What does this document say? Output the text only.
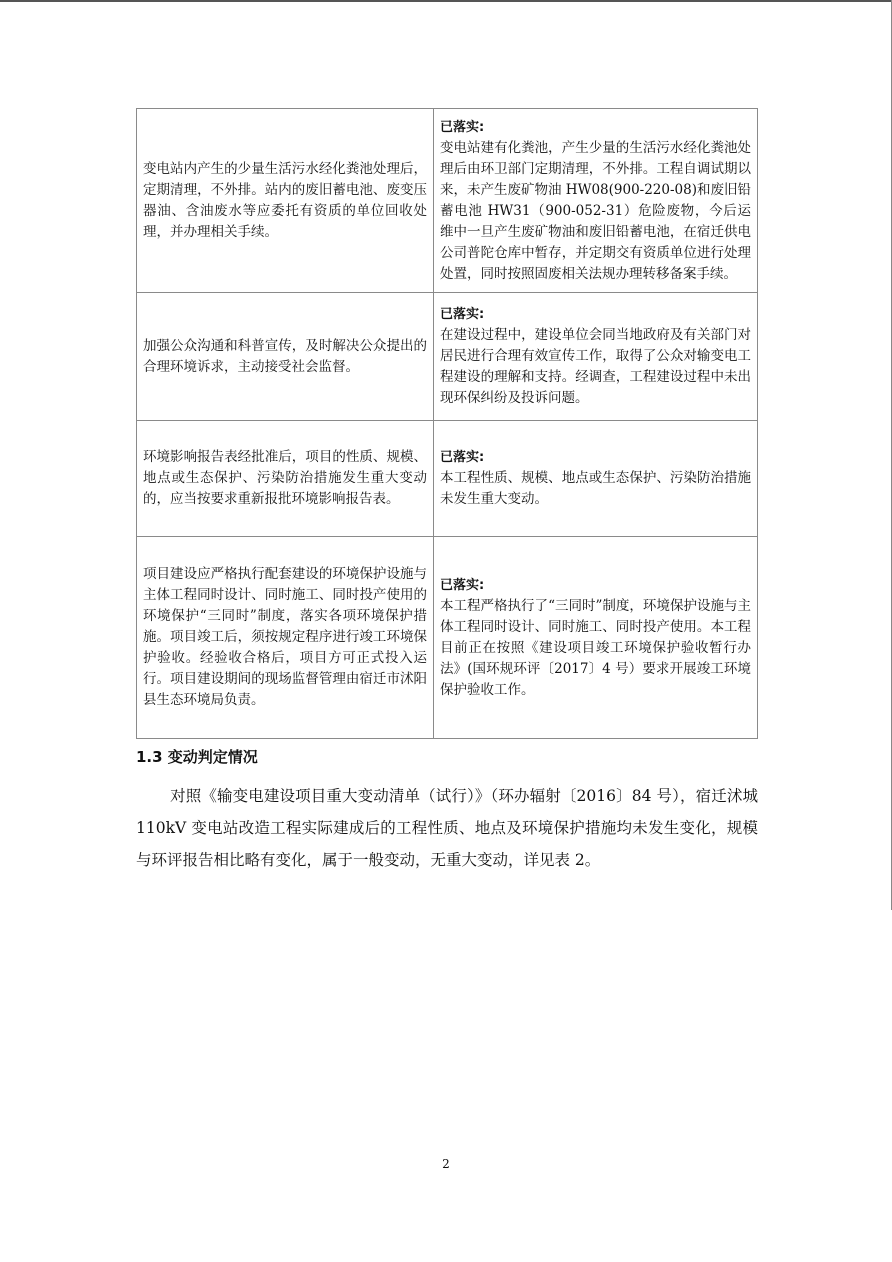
变电站内产生的少量生活污水经化粪池处理后，定期清理，不外排。站内的废旧蓄电池、废变压器油、含油废水等应委托有资质的单位回收处理，并办理相关手续。	已落实:
变电站建有化粪池，产生少量的生活污水经化粪池处理后由环卫部门定期清理，不外排。工程自调试期以来，未产生废矿物油 HW08(900-220-08)和废旧铅蓄电池 HW31（900-052-31）危险废物，今后运维中一旦产生废矿物油和废旧铅蓄电池，在宿迁供电公司普陀仓库中暂存，并定期交有资质单位进行处理处置，同时按照固废相关法规办理转移备案手续。
加强公众沟通和科普宣传，及时解决公众提出的合理环境诉求，主动接受社会监督。	已落实:
在建设过程中，建设单位会同当地政府及有关部门对居民进行合理有效宣传工作，取得了公众对输变电工程建设的理解和支持。经调查，工程建设过程中未出现环保纠纷及投诉问题。
环境影响报告表经批准后，项目的性质、规模、地点或生态保护、污染防治措施发生重大变动的，应当按要求重新报批环境影响报告表。	已落实:
本工程性质、规模、地点或生态保护、污染防治措施未发生重大变动。
项目建设应严格执行配套建设的环境保护设施与主体工程同时设计、同时施工、同时投产使用的环境保护“三同时”制度，落实各项环境保护措施。项目竣工后，须按规定程序进行竣工环境保护验收。经验收合格后，项目方可正式投入运行。项目建设期间的现场监督管理由宿迁市沭阳县生态环境局负责。	已落实:
本工程严格执行了“三同时”制度，环境保护设施与主体工程同时设计、同时施工、同时投产使用。本工程目前正在按照《建设项目竣工环境保护验收暂行办法》(国环规环评〔2017〕4 号）要求开展竣工环境保护验收工作。
1.3 变动判定情况
对照《输变电建设项目重大变动清单（试行）》（环办辐射〔2016〕84 号），宿迁沭城 110kV 变电站改造工程实际建成后的工程性质、地点及环境保护措施均未发生变化，规模与环评报告相比略有变化，属于一般变动，无重大变动，详见表 2。
2
